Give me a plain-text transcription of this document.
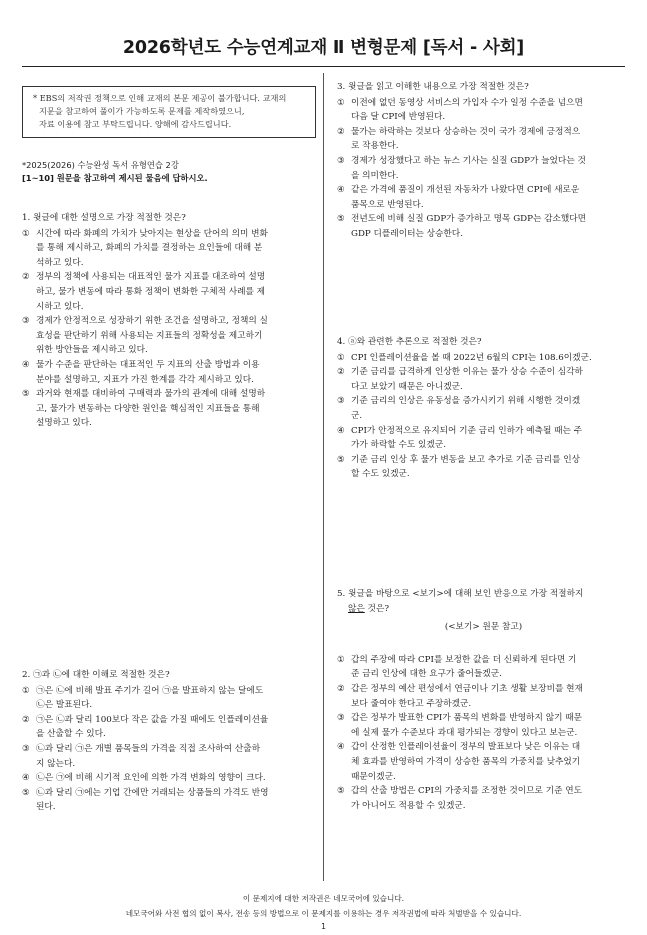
2026학년도 수능연계교재 Ⅱ 변형문제 [독서 - 사회]
* EBS의 저작권 정책으로 인해 교재의 본문 제공이 불가합니다. 교재의
지문을 참고하여 풀이가 가능하도록 문제를 제작하였으니,
자료 이용에 참고 부탁드립니다. 양해에 감사드립니다.
*2025(2026) 수능완성 독서 유형연습 2강
[1~10] 원문을 참고하여 제시된 물음에 답하시오.
1. 윗글에 대한 설명으로 가장 적절한 것은?
① 시간에 따라 화폐의 가치가 낮아지는 현상을 단어의 의미 변화
를 통해 제시하고, 화폐의 가치를 결정하는 요인들에 대해 분
석하고 있다.
② 정부의 정책에 사용되는 대표적인 물가 지표를 대조하여 설명
하고, 물가 변동에 따라 통화 정책이 변화한 구체적 사례를 제
시하고 있다.
③ 경제가 안정적으로 성장하기 위한 조건을 설명하고, 정책의 실
효성을 판단하기 위해 사용되는 지표들의 정확성을 제고하기
위한 방안들을 제시하고 있다.
④ 물가 수준을 판단하는 대표적인 두 지표의 산출 방법과 이용
분야를 설명하고, 지표가 가진 한계를 각각 제시하고 있다.
⑤ 과거와 현재를 대비하여 구매력과 물가의 관계에 대해 설명하
고, 물가가 변동하는 다양한 원인을 핵심적인 지표들을 통해
설명하고 있다.
2. ㉠과 ㉡에 대한 이해로 적절한 것은?
① ㉠은 ㉡에 비해 발표 주기가 길어 ㉠을 발표하지 않는 달에도
㉡은 발표된다.
② ㉠은 ㉡과 달리 100보다 작은 값을 가질 때에도 인플레이션율
을 산출할 수 있다.
③ ㉡과 달리 ㉠은 개별 품목들의 가격을 직접 조사하여 산출하
지 않는다.
④ ㉡은 ㉠에 비해 시기적 요인에 의한 가격 변화의 영향이 크다.
⑤ ㉡과 달리 ㉠에는 기업 간에만 거래되는 상품들의 가격도 반영
된다.
3. 윗글을 읽고 이해한 내용으로 가장 적절한 것은?
① 이전에 없던 동영상 서비스의 가입자 수가 일정 수준을 넘으면
다음 달 CPI에 반영된다.
② 물가는 하락하는 것보다 상승하는 것이 국가 경제에 긍정적으
로 작용한다.
③ 경제가 성장했다고 하는 뉴스 기사는 실질 GDP가 늘었다는 것
을 의미한다.
④ 같은 가격에 품질이 개선된 자동차가 나왔다면 CPI에 새로운
품목으로 반영된다.
⑤ 전년도에 비해 실질 GDP가 증가하고 명목 GDP는 감소했다면
GDP 디플레이터는 상승한다.
4. ⓐ와 관련한 추론으로 적절한 것은?
① CPI 인플레이션율을 볼 때 2022년 6월의 CPI는 108.6이겠군.
② 기준 금리를 급격하게 인상한 이유는 물가 상승 수준이 심각하
다고 보았기 때문은 아니겠군.
③ 기준 금리의 인상은 유동성을 증가시키기 위해 시행한 것이겠
군.
④ CPI가 안정적으로 유지되어 기준 금리 인하가 예측될 때는 주
가가 하락할 수도 있겠군.
⑤ 기준 금리 인상 후 물가 변동을 보고 추가로 기준 금리를 인상
할 수도 있겠군.
5. 윗글을 바탕으로 <보기>에 대해 보인 반응으로 가장 적절하지
않은 것은?
(<보기> 원문 참고)
① 갑의 주장에 따라 CPI를 보정한 값을 더 신뢰하게 된다면 기
준 금리 인상에 대한 요구가 줄어들겠군.
② 갑은 정부의 예산 편성에서 연금이나 기초 생활 보장비를 현재
보다 줄여야 한다고 주장하겠군.
③ 갑은 정부가 발표한 CPI가 품목의 변화를 반영하지 않기 때문
에 실제 물가 수준보다 과대 평가되는 경향이 있다고 보는군.
④ 갑이 산정한 인플레이션율이 정부의 발표보다 낮은 이유는 대
체 효과를 반영하여 가격이 상승한 품목의 가중치를 낮추었기
때문이겠군.
⑤ 갑의 산출 방법은 CPI의 가중치를 조정한 것이므로 기준 연도
가 아니어도 적용할 수 있겠군.
이 문제지에 대한 저작권은 네모국어에 있습니다.
네모국어와 사전 협의 없이 복사, 전송 등의 방법으로 이 문제지를 이용하는 경우 저작권법에 따라 처벌받을 수 있습니다.
1
